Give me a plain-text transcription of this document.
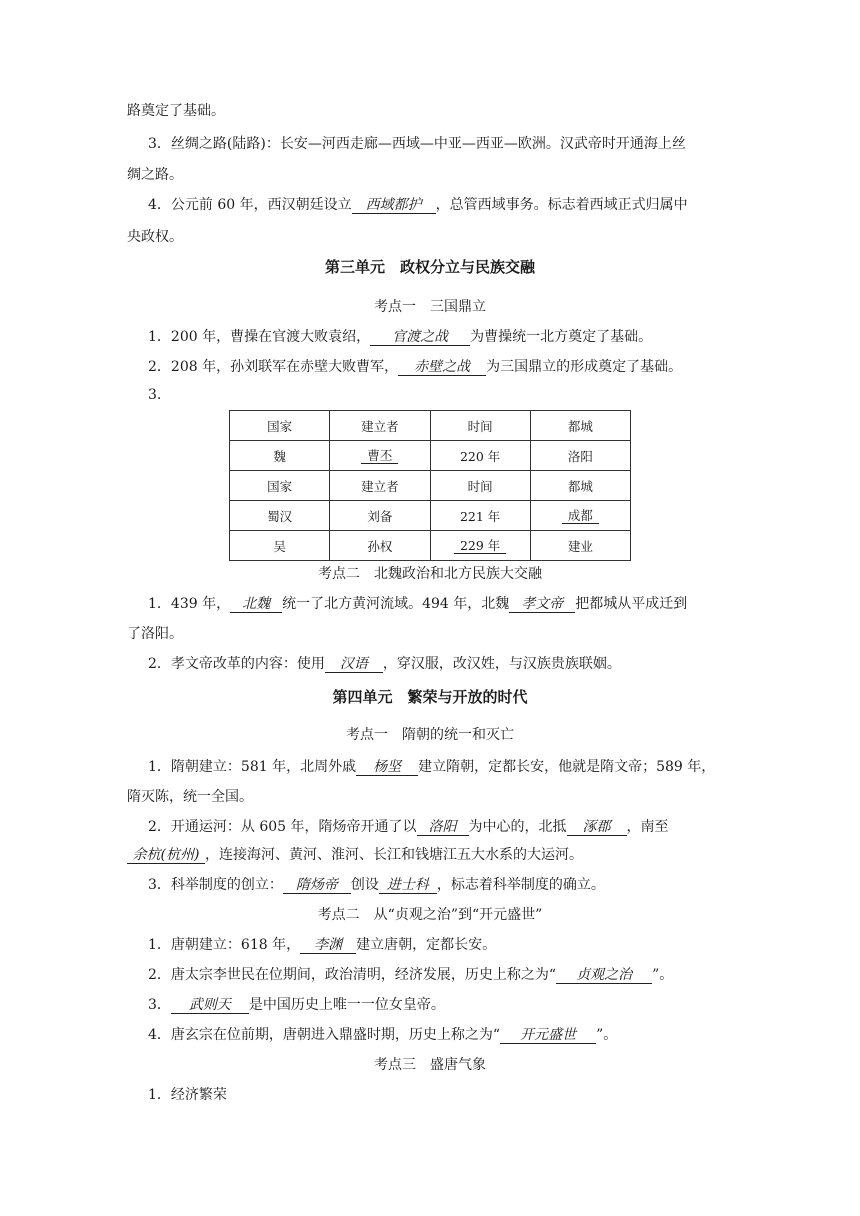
路奠定了基础。
3．丝绸之路(陆路)：长安—河西走廊—西域—中亚—西亚—欧洲。汉武帝时开通海上丝
绸之路。
4．公元前 60 年，西汉朝廷设立 西域都护 ，总管西域事务。标志着西域正式归属中
央政权。
第三单元　政权分立与民族交融
考点一　三国鼎立
1．200 年，曹操在官渡大败袁绍， 官渡之战 为曹操统一北方奠定了基础。
2．208 年，孙刘联军在赤壁大败曹军， 赤壁之战 为三国鼎立的形成奠定了基础。
3.
国家	建立者	时间	都城
魏	曹丕	220 年	洛阳
国家	建立者	时间	都城
蜀汉	刘备	221 年	成都
吴	孙权	229 年	建业
考点二　北魏政治和北方民族大交融
1．439 年， 北魏 统一了北方黄河流域。494 年，北魏 孝文帝 把都城从平成迁到
了洛阳。
2．孝文帝改革的内容：使用 汉语 ，穿汉服，改汉姓，与汉族贵族联姻。
第四单元　繁荣与开放的时代
考点一　隋朝的统一和灭亡
1．隋朝建立：581 年，北周外戚 杨坚 建立隋朝，定都长安，他就是隋文帝；589 年，
隋灭陈，统一全国。
2．开通运河：从 605 年，隋炀帝开通了以 洛阳 为中心的，北抵 涿郡 ，南至
余杭(杭州) ，连接海河、黄河、淮河、长江和钱塘江五大水系的大运河。
3．科举制度的创立： 隋炀帝 创设 进士科 ，标志着科举制度的确立。
考点二　从“贞观之治”到“开元盛世”
1．唐朝建立：618 年， 李渊 建立唐朝，定都长安。
2．唐太宗李世民在位期间，政治清明，经济发展，历史上称之为“ 贞观之治 ”。
3． 武则天 是中国历史上唯一一位女皇帝。
4．唐玄宗在位前期，唐朝进入鼎盛时期，历史上称之为“ 开元盛世 ”。
考点三　盛唐气象
1．经济繁荣
